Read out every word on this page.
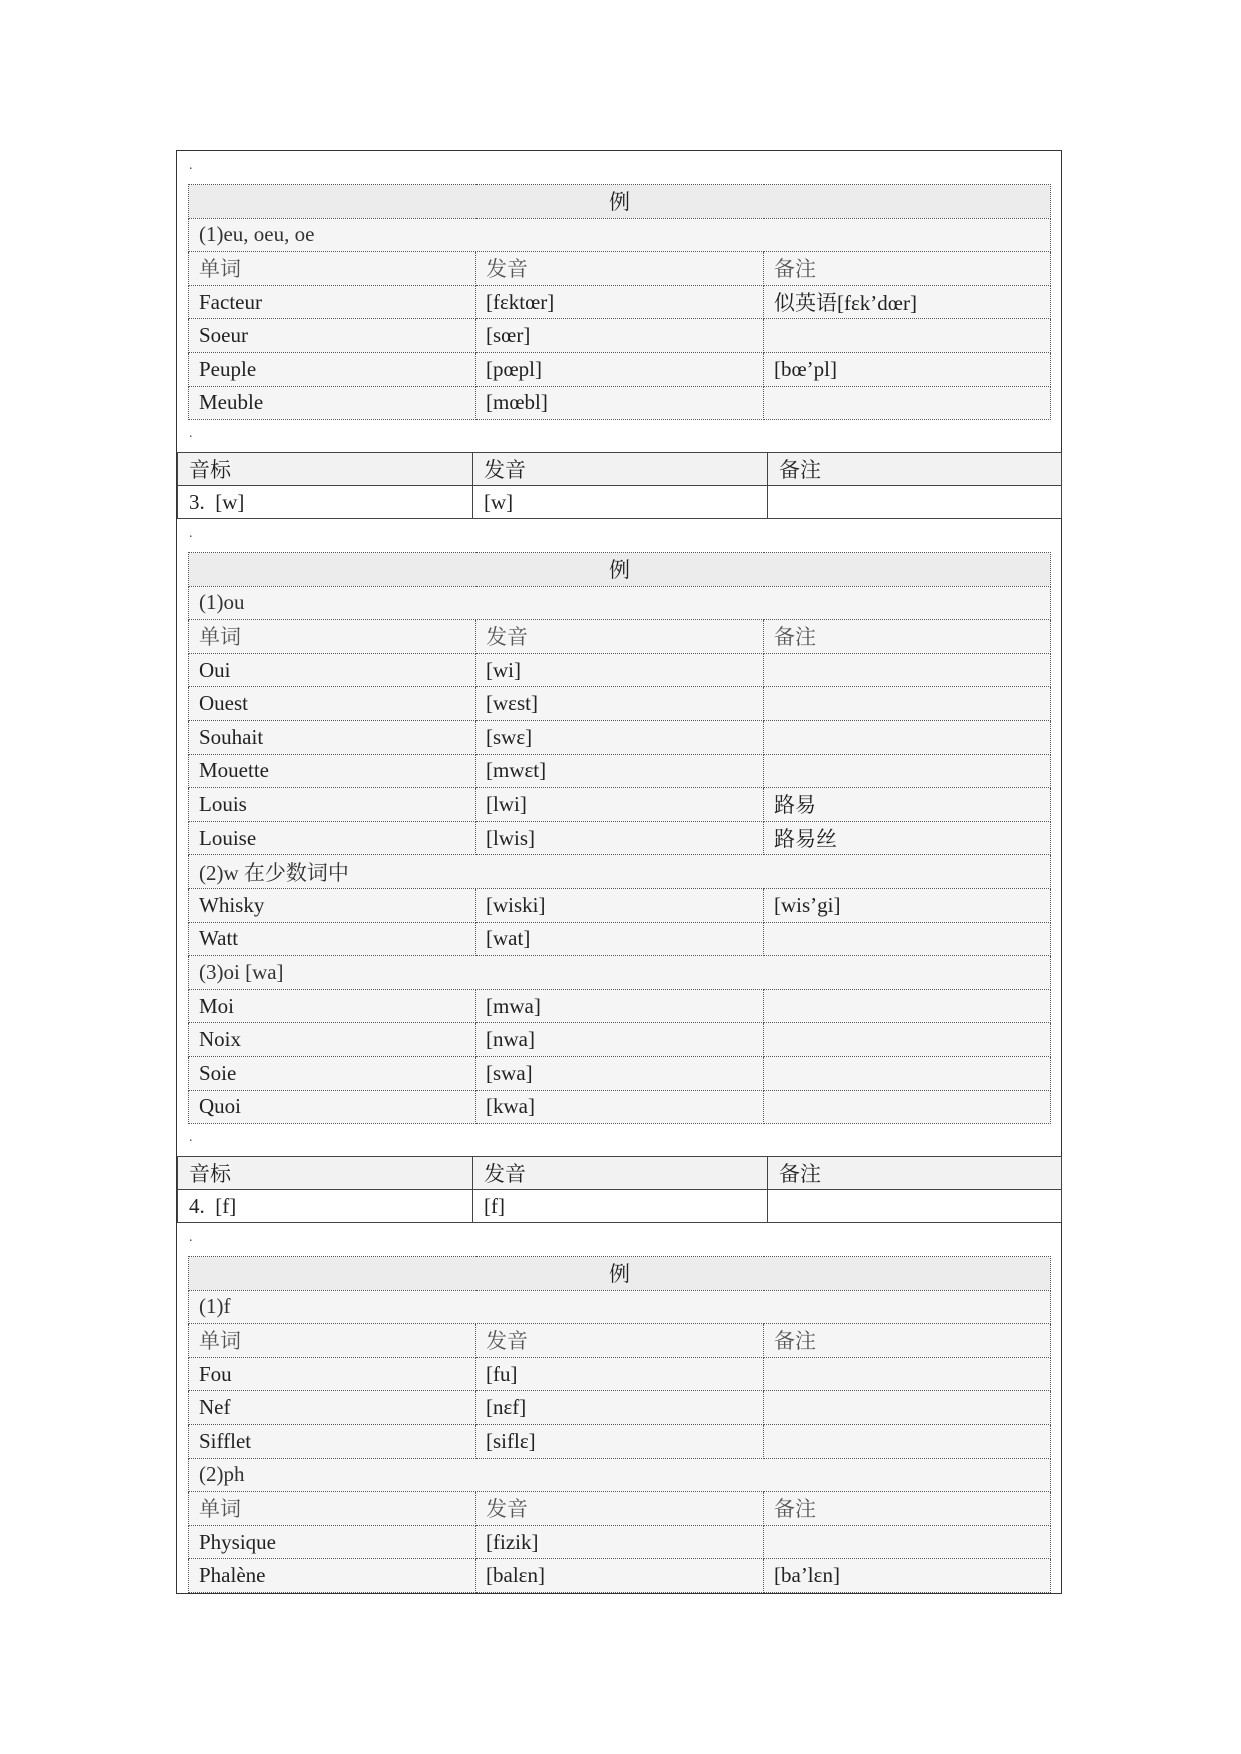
.
.
.
.
.
例		
(1)eu, oeu, oe		
单词	发音	备注
Facteur	[fɛktœr]	似英语[fɛk’dœr]
Soeur	[sœr]	
Peuple	[pœpl]	[bœ’pl]
Meuble	[mœbl]	
音标	发音	备注
3.  [w]	[w]	
例		
(1)ou		
单词	发音	备注
Oui	[wi]	
Ouest	[wɛst]	
Souhait	[swɛ]	
Mouette	[mwɛt]	
Louis	[lwi]	路易
Louise	[lwis]	路易丝
(2)w 在少数词中		
Whisky	[wiski]	[wis’gi]
Watt	[wat]	
(3)oi [wa]		
Moi	[mwa]	
Noix	[nwa]	
Soie	[swa]	
Quoi	[kwa]	
音标	发音	备注
4.  [f]	[f]	
例		
(1)f		
单词	发音	备注
Fou	[fu]	
Nef	[nɛf]	
Sifflet	[siflɛ]	
(2)ph		
单词	发音	备注
Physique	[fizik]	
Phalène	[balɛn]	[ba’lɛn]
